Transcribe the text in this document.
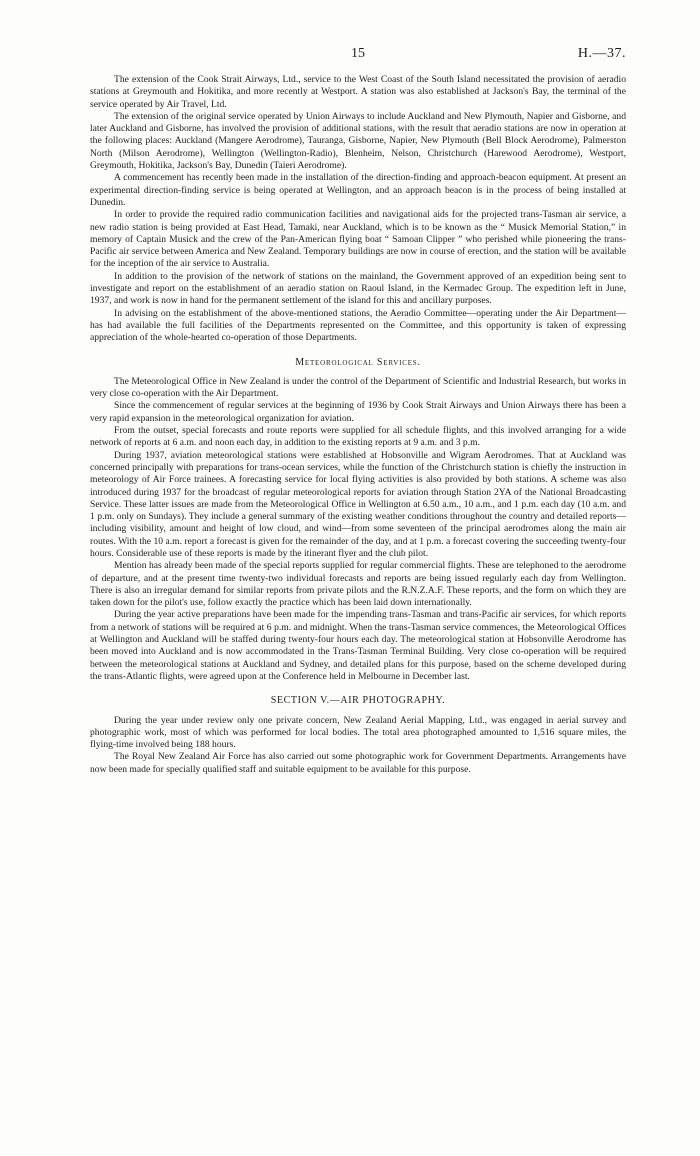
15	H.—37.

The extension of the Cook Strait Airways, Ltd., service to the West Coast of the South Island necessitated the provision of aeradio stations at Greymouth and Hokitika, and more recently at Westport. A station was also established at Jackson's Bay, the terminal of the service operated by Air Travel, Ltd.

The extension of the original service operated by Union Airways to include Auckland and New Plymouth, Napier and Gisborne, and later Auckland and Gisborne, has involved the provision of additional stations, with the result that aeradio stations are now in operation at the following places: Auckland (Mangere Aerodrome), Tauranga, Gisborne, Napier, New Plymouth (Bell Block Aerodrome), Palmerston North (Milson Aerodrome), Wellington (Wellington-Radio), Blenheim, Nelson, Christchurch (Harewood Aerodrome), Westport, Greymouth, Hokitika, Jackson's Bay, Dunedin (Taieri Aerodrome).

A commencement has recently been made in the installation of the direction-finding and approach-beacon equipment. At present an experimental direction-finding service is being operated at Wellington, and an approach beacon is in the process of being installed at Dunedin.

In order to provide the required radio communication facilities and navigational aids for the projected trans-Tasman air service, a new radio station is being provided at East Head, Tamaki, near Auckland, which is to be known as the “ Musick Memorial Station,” in memory of Captain Musick and the crew of the Pan-American flying boat “ Samoan Clipper ” who perished while pioneering the trans-Pacific air service between America and New Zealand. Temporary buildings are now in course of erection, and the station will be available for the inception of the air service to Australia.

In addition to the provision of the network of stations on the mainland, the Government approved of an expedition being sent to investigate and report on the establishment of an aeradio station on Raoul Island, in the Kermadec Group. The expedition left in June, 1937, and work is now in hand for the permanent settlement of the island for this and ancillary purposes.

In advising on the establishment of the above-mentioned stations, the Aeradio Committee—operating under the Air Department—has had available the full facilities of the Departments represented on the Committee, and this opportunity is taken of expressing appreciation of the whole-hearted co-operation of those Departments.

Meteorological Services.

The Meteorological Office in New Zealand is under the control of the Department of Scientific and Industrial Research, but works in very close co-operation with the Air Department.

Since the commencement of regular services at the beginning of 1936 by Cook Strait Airways and Union Airways there has been a very rapid expansion in the meteorological organization for aviation.

From the outset, special forecasts and route reports were supplied for all schedule flights, and this involved arranging for a wide network of reports at 6 a.m. and noon each day, in addition to the existing reports at 9 a.m. and 3 p.m.

During 1937, aviation meteorological stations were established at Hobsonville and Wigram Aerodromes. That at Auckland was concerned principally with preparations for trans-ocean services, while the function of the Christchurch station is chiefly the instruction in meteorology of Air Force trainees. A forecasting service for local flying activities is also provided by both stations. A scheme was also introduced during 1937 for the broadcast of regular meteorological reports for aviation through Station 2YA of the National Broadcasting Service. These latter issues are made from the Meteorological Office in Wellington at 6.50 a.m., 10 a.m., and 1 p.m. each day (10 a.m. and 1 p.m. only on Sundays). They include a general summary of the existing weather conditions throughout the country and detailed reports—including visibility, amount and height of low cloud, and wind—from some seventeen of the principal aerodromes along the main air routes. With the 10 a.m. report a forecast is given for the remainder of the day, and at 1 p.m. a forecast covering the succeeding twenty-four hours. Considerable use of these reports is made by the itinerant flyer and the club pilot.

Mention has already been made of the special reports supplied for regular commercial flights. These are telephoned to the aerodrome of departure, and at the present time twenty-two individual forecasts and reports are being issued regularly each day from Wellington. There is also an irregular demand for similar reports from private pilots and the R.N.Z.A.F. These reports, and the form on which they are taken down for the pilot's use, follow exactly the practice which has been laid down internationally.

During the year active preparations have been made for the impending trans-Tasman and trans-Pacific air services, for which reports from a network of stations will be required at 6 p.m. and midnight. When the trans-Tasman service commences, the Meteorological Offices at Wellington and Auckland will be staffed during twenty-four hours each day. The meteorological station at Hobsonville Aerodrome has been moved into Auckland and is now accommodated in the Trans-Tasman Terminal Building. Very close co-operation will be required between the meteorological stations at Auckland and Sydney, and detailed plans for this purpose, based on the scheme developed during the trans-Atlantic flights, were agreed upon at the Conference held in Melbourne in December last.

SECTION V.—AIR PHOTOGRAPHY.

During the year under review only one private concern, New Zealand Aerial Mapping, Ltd., was engaged in aerial survey and photographic work, most of which was performed for local bodies. The total area photographed amounted to 1,516 square miles, the flying-time involved being 188 hours.

The Royal New Zealand Air Force has also carried out some photographic work for Government Departments. Arrangements have now been made for specially qualified staff and suitable equipment to be available for this purpose.
